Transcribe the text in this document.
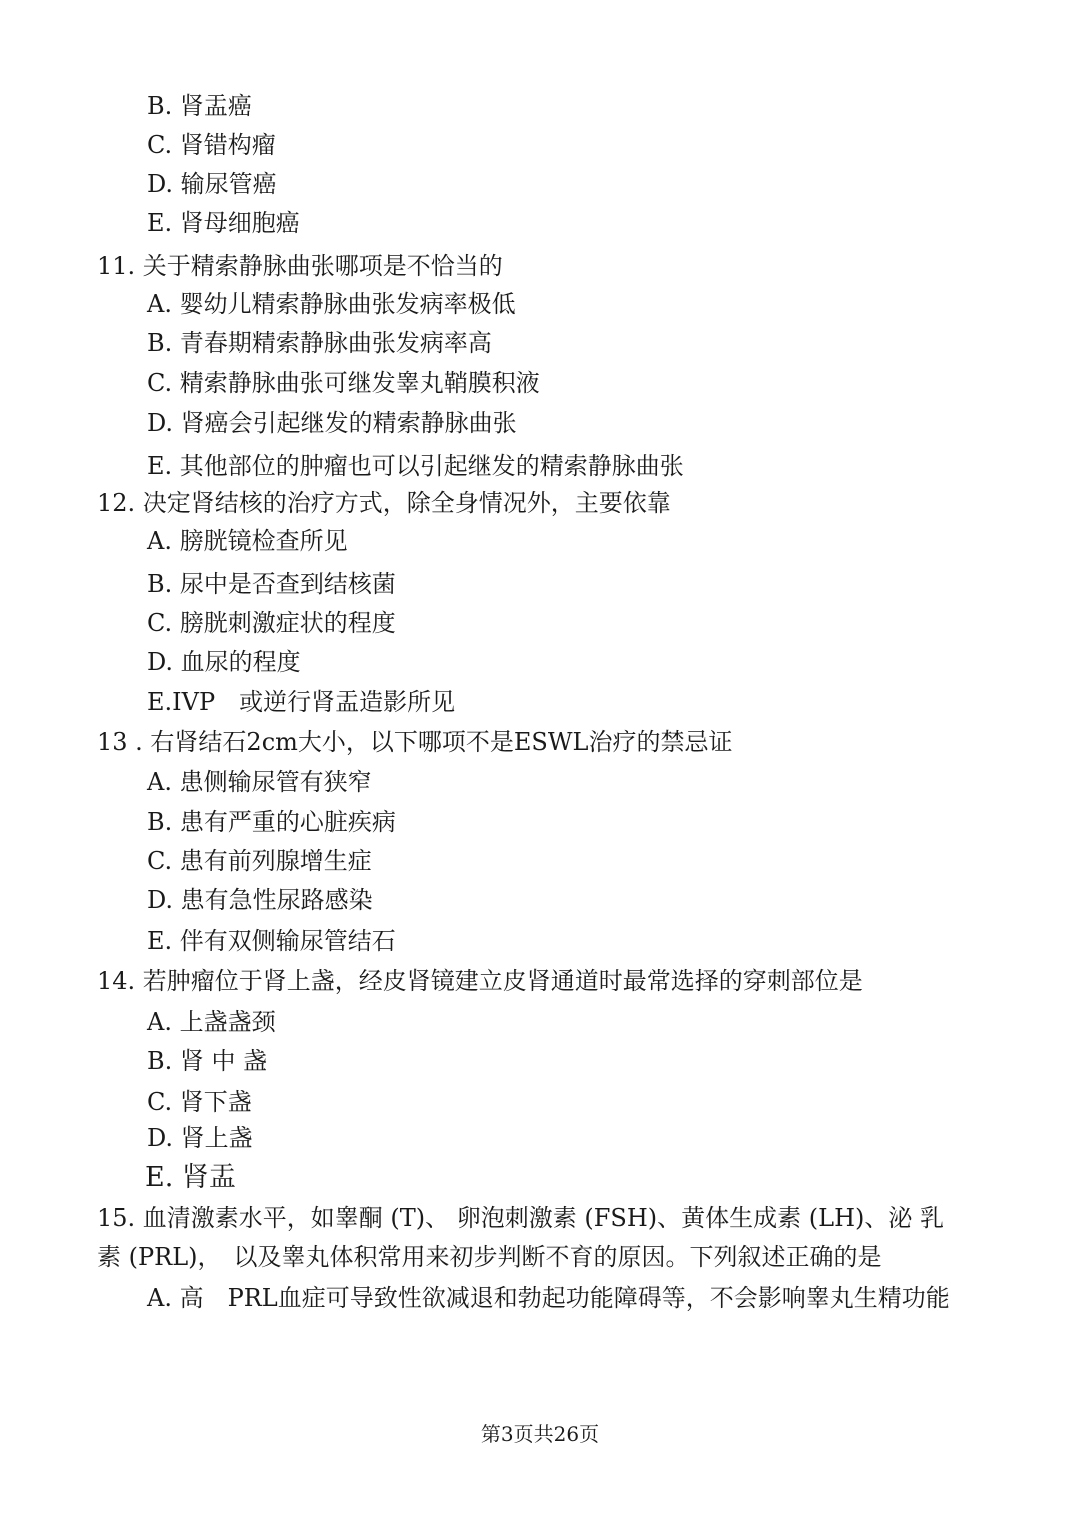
B. 肾盂癌
C. 肾错构瘤
D. 输尿管癌
E. 肾母细胞癌
11. 关于精索静脉曲张哪项是不恰当的
A. 婴幼儿精索静脉曲张发病率极低
B. 青春期精索静脉曲张发病率高
C. 精索静脉曲张可继发睾丸鞘膜积液
D. 肾癌会引起继发的精索静脉曲张
E. 其他部位的肿瘤也可以引起继发的精索静脉曲张
12. 决定肾结核的治疗方式，除全身情况外，主要依靠
A. 膀胱镜检查所见
B. 尿中是否查到结核菌
C. 膀胱刺激症状的程度
D. 血尿的程度
E.IVP　或逆行肾盂造影所见
13 . 右肾结石2cm大小，以下哪项不是ESWL治疗的禁忌证
A. 患侧输尿管有狭窄
B. 患有严重的心脏疾病
C. 患有前列腺增生症
D. 患有急性尿路感染
E. 伴有双侧输尿管结石
14. 若肿瘤位于肾上盏，经皮肾镜建立皮肾通道时最常选择的穿刺部位是
A. 上盏盏颈
B. 肾 中 盏
C. 肾下盏
D. 肾上盏
E. 肾盂
15. 血清激素水平，如睾酮 (T)、 卵泡刺激素 (FSH)、黄体生成素 (LH)、泌 乳
素 (PRL)，　以及睾丸体积常用来初步判断不育的原因。下列叙述正确的是
A. 高　PRL血症可导致性欲减退和勃起功能障碍等，不会影响睾丸生精功能
第3页共26页
